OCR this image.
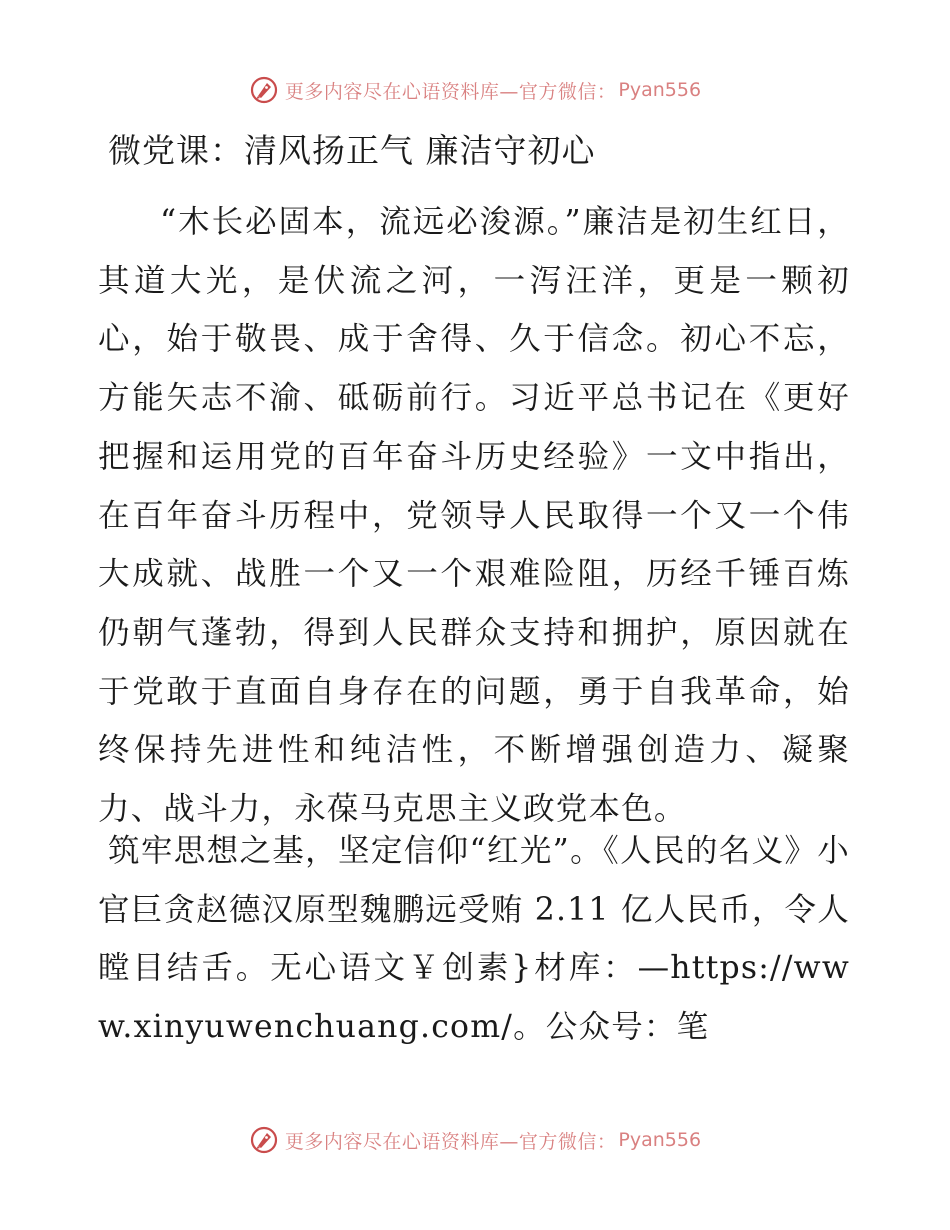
更多内容尽在心语资料库—官方微信： Pyan556
微党课：清风扬正气 廉洁守初心

“木长必固本，流远必浚源。”廉洁是初生红日，其道大光，是伏流之河，一泻汪洋，更是一颗初心，始于敬畏、成于舍得、久于信念。初心不忘，方能矢志不渝、砥砺前行。习近平总书记在《更好把握和运用党的百年奋斗历史经验》一文中指出，在百年奋斗历程中，党领导人民取得一个又一个伟大成就、战胜一个又一个艰难险阻，历经千锤百炼仍朝气蓬勃，得到人民群众支持和拥护，原因就在于党敢于直面自身存在的问题，勇于自我革命，始终保持先进性和纯洁性，不断增强创造力、凝聚力、战斗力，永葆马克思主义政党本色。

筑牢思想之基，坚定信仰“红光”。《人民的名义》小官巨贪赵德汉原型魏鹏远受贿 2.11 亿人民币，令人瞠目结舌。无心语文￥创素}材库：—https://www.xinyuwenchuang.com/。公众号：笔

更多内容尽在心语资料库—官方微信： Pyan556
